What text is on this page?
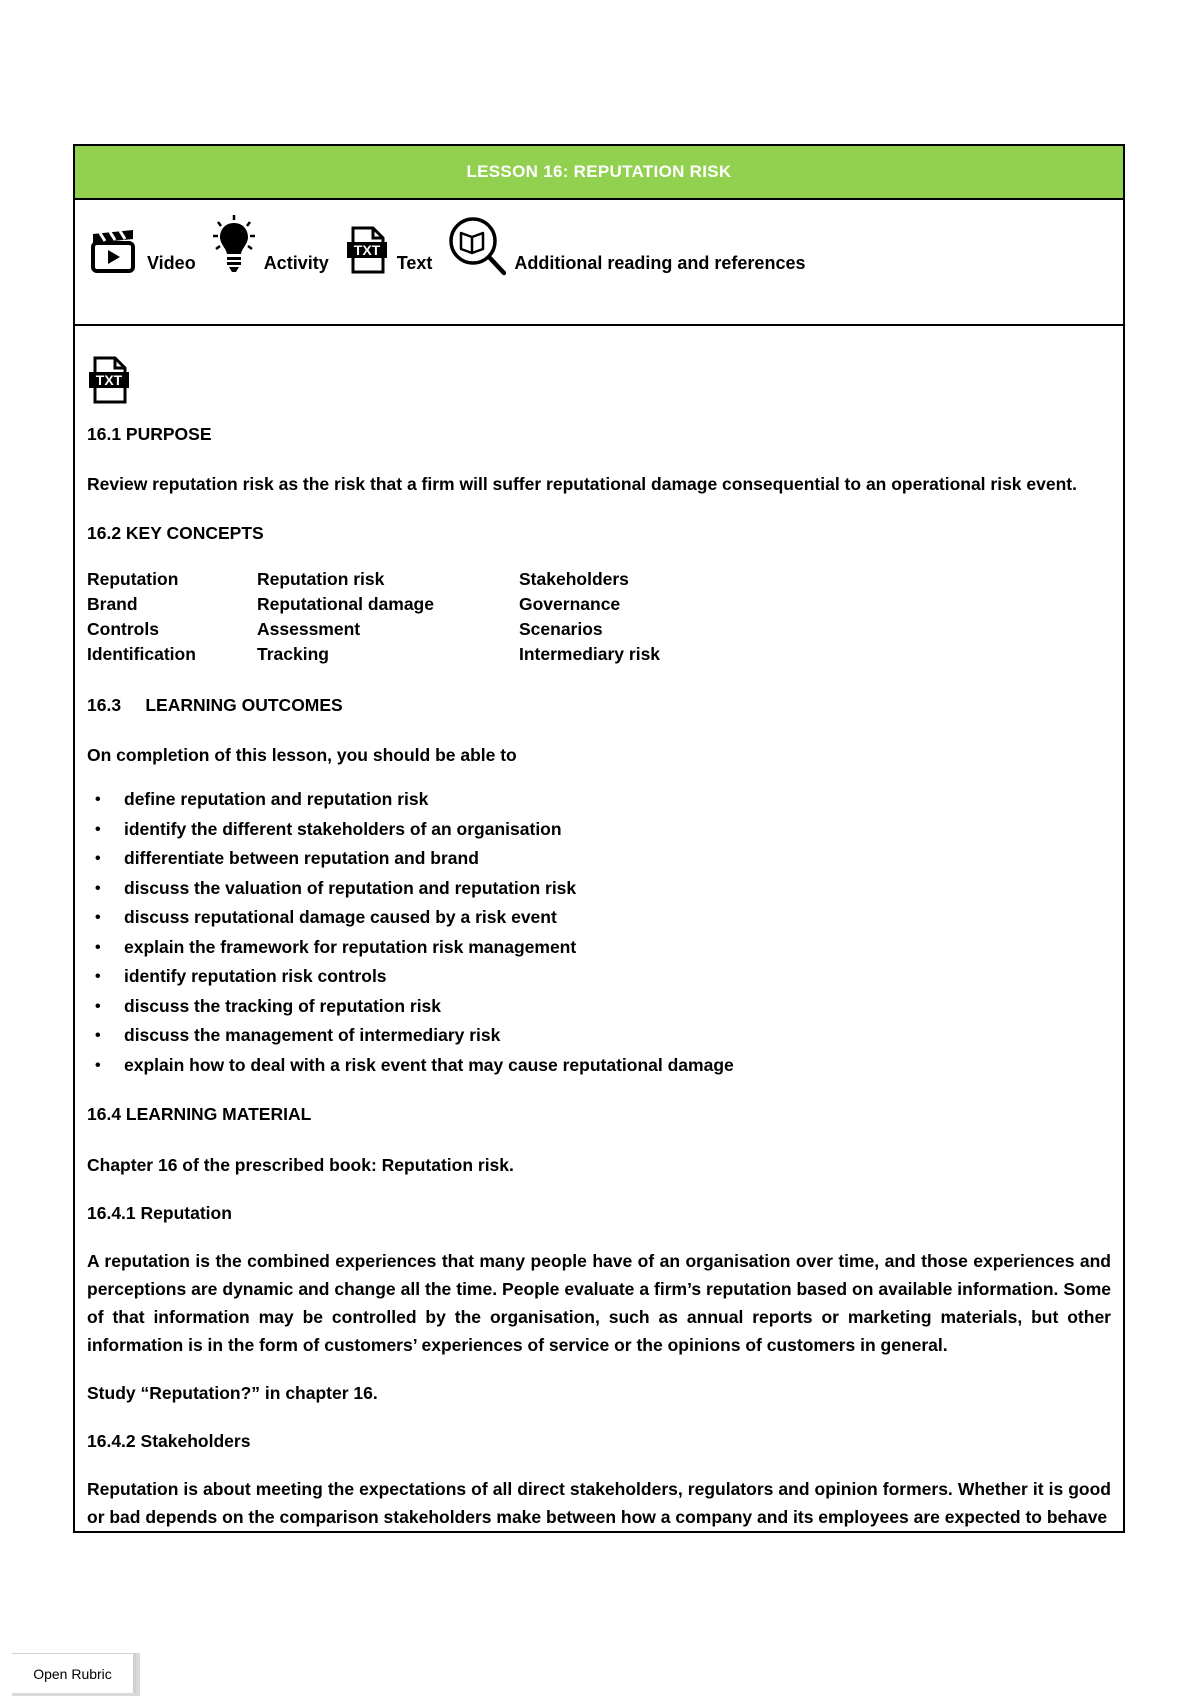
LESSON 16: REPUTATION RISK
Video	Activity
TXT
Text	Additional reading and references
TXT

16.1 PURPOSE

Review reputation risk as the risk that a firm will suffer reputational damage consequential to an operational risk event.

16.2 KEY CONCEPTS

Reputation	Reputation risk	Stakeholders
Brand	Reputational damage	Governance
Controls	Assessment	Scenarios
Identification	Tracking	Intermediary risk

16.3     LEARNING OUTCOMES

On completion of this lesson, you should be able to

• define reputation and reputation risk
• identify the different stakeholders of an organisation
• differentiate between reputation and brand
• discuss the valuation of reputation and reputation risk
• discuss reputational damage caused by a risk event
• explain the framework for reputation risk management
• identify reputation risk controls
• discuss the tracking of reputation risk
• discuss the management of intermediary risk
• explain how to deal with a risk event that may cause reputational damage

16.4 LEARNING MATERIAL

Chapter 16 of the prescribed book: Reputation risk.

16.4.1 Reputation

A reputation is the combined experiences that many people have of an organisation over time, and those experiences and perceptions are dynamic and change all the time. People evaluate a firm’s reputation based on available information. Some of that information may be controlled by the organisation, such as annual reports or marketing materials, but other information is in the form of customers’ experiences of service or the opinions of customers in general.

Study “Reputation?” in chapter 16.

16.4.2 Stakeholders

Reputation is about meeting the expectations of all direct stakeholders, regulators and opinion formers. Whether it is good or bad depends on the comparison stakeholders make between how a company and its employees are expected to behave

Open Rubric
